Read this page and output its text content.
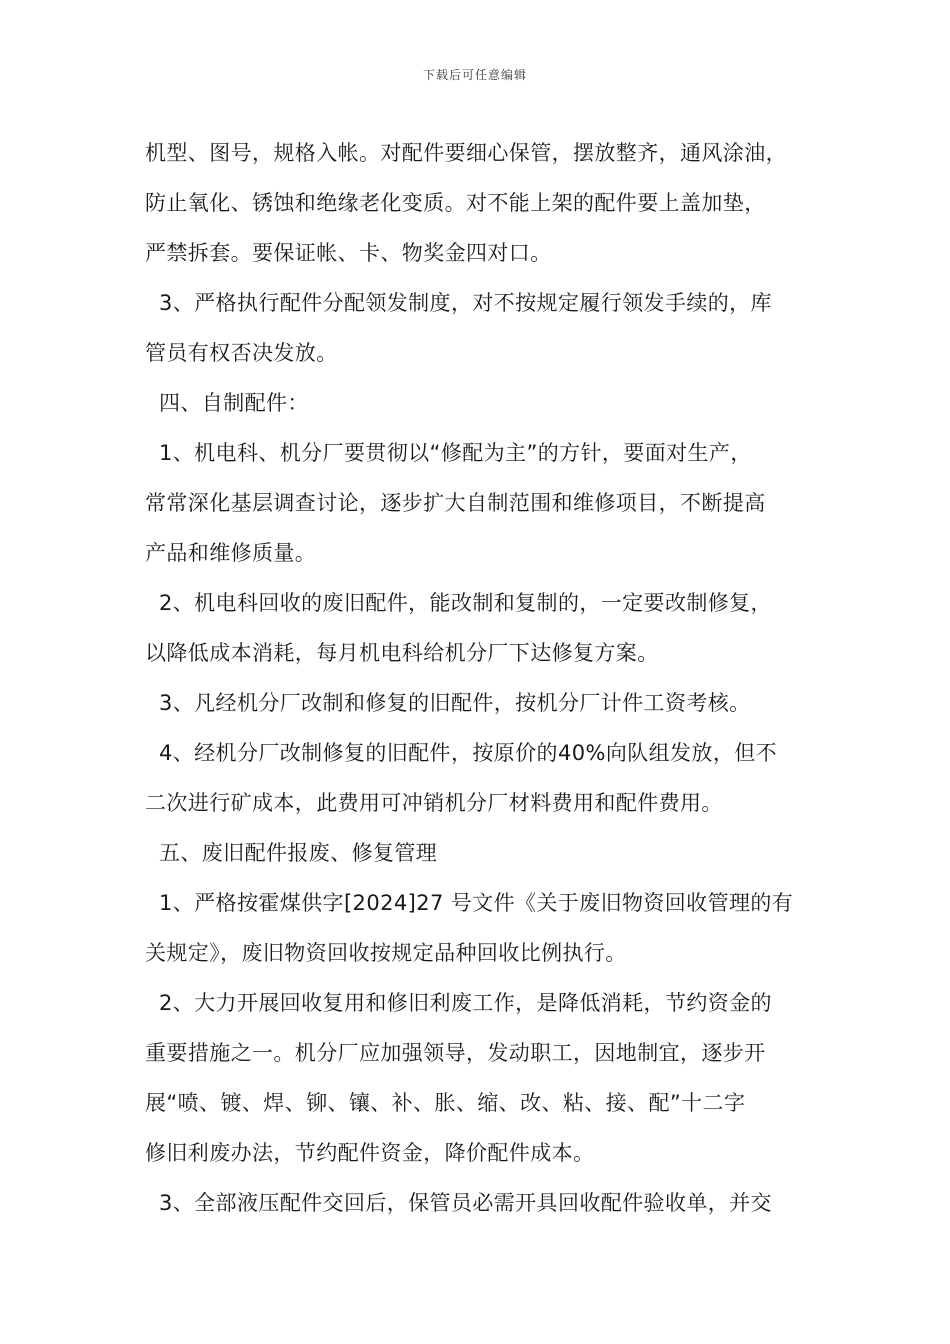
下载后可任意编辑
机型、图号，规格入帐。对配件要细心保管，摆放整齐，通风涂油，
防止氧化、锈蚀和绝缘老化变质。对不能上架的配件要上盖加垫，
严禁拆套。要保证帐、卡、物奖金四对口。
3、严格执行配件分配领发制度，对不按规定履行领发手续的，库
管员有权否决发放。
四、自制配件：
1、机电科、机分厂要贯彻以“修配为主”的方针，要面对生产，
常常深化基层调查讨论，逐步扩大自制范围和维修项目，不断提高
产品和维修质量。
2、机电科回收的废旧配件，能改制和复制的，一定要改制修复，
以降低成本消耗，每月机电科给机分厂下达修复方案。
3、凡经机分厂改制和修复的旧配件，按机分厂计件工资考核。
4、经机分厂改制修复的旧配件，按原价的40%向队组发放，但不
二次进行矿成本，此费用可冲销机分厂材料费用和配件费用。
五、废旧配件报废、修复管理
1、严格按霍煤供字[2024]27 号文件《关于废旧物资回收管理的有
关规定》，废旧物资回收按规定品种回收比例执行。
2、大力开展回收复用和修旧利废工作，是降低消耗，节约资金的
重要措施之一。机分厂应加强领导，发动职工，因地制宜，逐步开
展“喷、镀、焊、铆、镶、补、胀、缩、改、粘、接、配”十二字
修旧利废办法，节约配件资金，降价配件成本。
3、全部液压配件交回后，保管员必需开具回收配件验收单，并交
